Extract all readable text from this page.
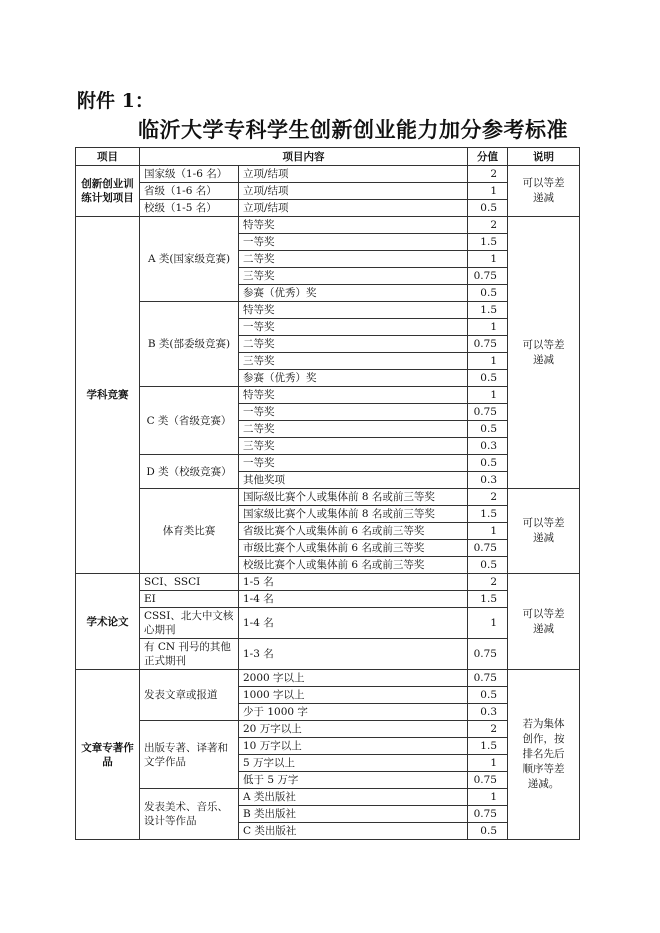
附件 1：
临沂大学专科学生创新创业能力加分参考标准
项目	项目内容		分值	说明
创新创业训练计划项目	国家级（1-6 名）	立项/结项	2	可以等差递减
	省级（1-6 名）	立项/结项	1	
	校级（1-5 名）	立项/结项	0.5	
学科竞赛	A 类(国家级竞赛)	特等奖	2	可以等差递减
		一等奖	1.5	
		二等奖	1	
		三等奖	0.75	
		参赛（优秀）奖	0.5	
	B 类(部委级竞赛)	特等奖	1.5	
		一等奖	1	
		二等奖	0.75	
		三等奖	1	
		参赛（优秀）奖	0.5	
	C 类（省级竞赛）	特等奖	1	
		一等奖	0.75	
		二等奖	0.5	
		三等奖	0.3	
	D 类（校级竞赛）	一等奖	0.5	
		其他奖项	0.3	
	体育类比赛	国际级比赛个人或集体前 8 名或前三等奖	2	可以等差递减
		国家级比赛个人或集体前 8 名或前三等奖	1.5	
		省级比赛个人或集体前 6 名或前三等奖	1	
		市级比赛个人或集体前 6 名或前三等奖	0.75	
		校级比赛个人或集体前 6 名或前三等奖	0.5	
学术论文	SCI、SSCI	1-5 名	2	可以等差递减
	EI	1-4 名	1.5	
	CSSI、北大中文核心期刊	1-4 名	1	
	有 CN 刊号的其他正式期刊	1-3 名	0.75	
文章专著作品	发表文章或报道	2000 字以上	0.75	若为集体创作，按排名先后顺序等差递减。
		1000 字以上	0.5	
		少于 1000 字	0.3	
	出版专著、译著和文学作品	20 万字以上	2	
		10 万字以上	1.5	
		5 万字以上	1	
		低于 5 万字	0.75	
	发表美术、音乐、设计等作品	A 类出版社	1	
		B 类出版社	0.75	
		C 类出版社	0.5	
